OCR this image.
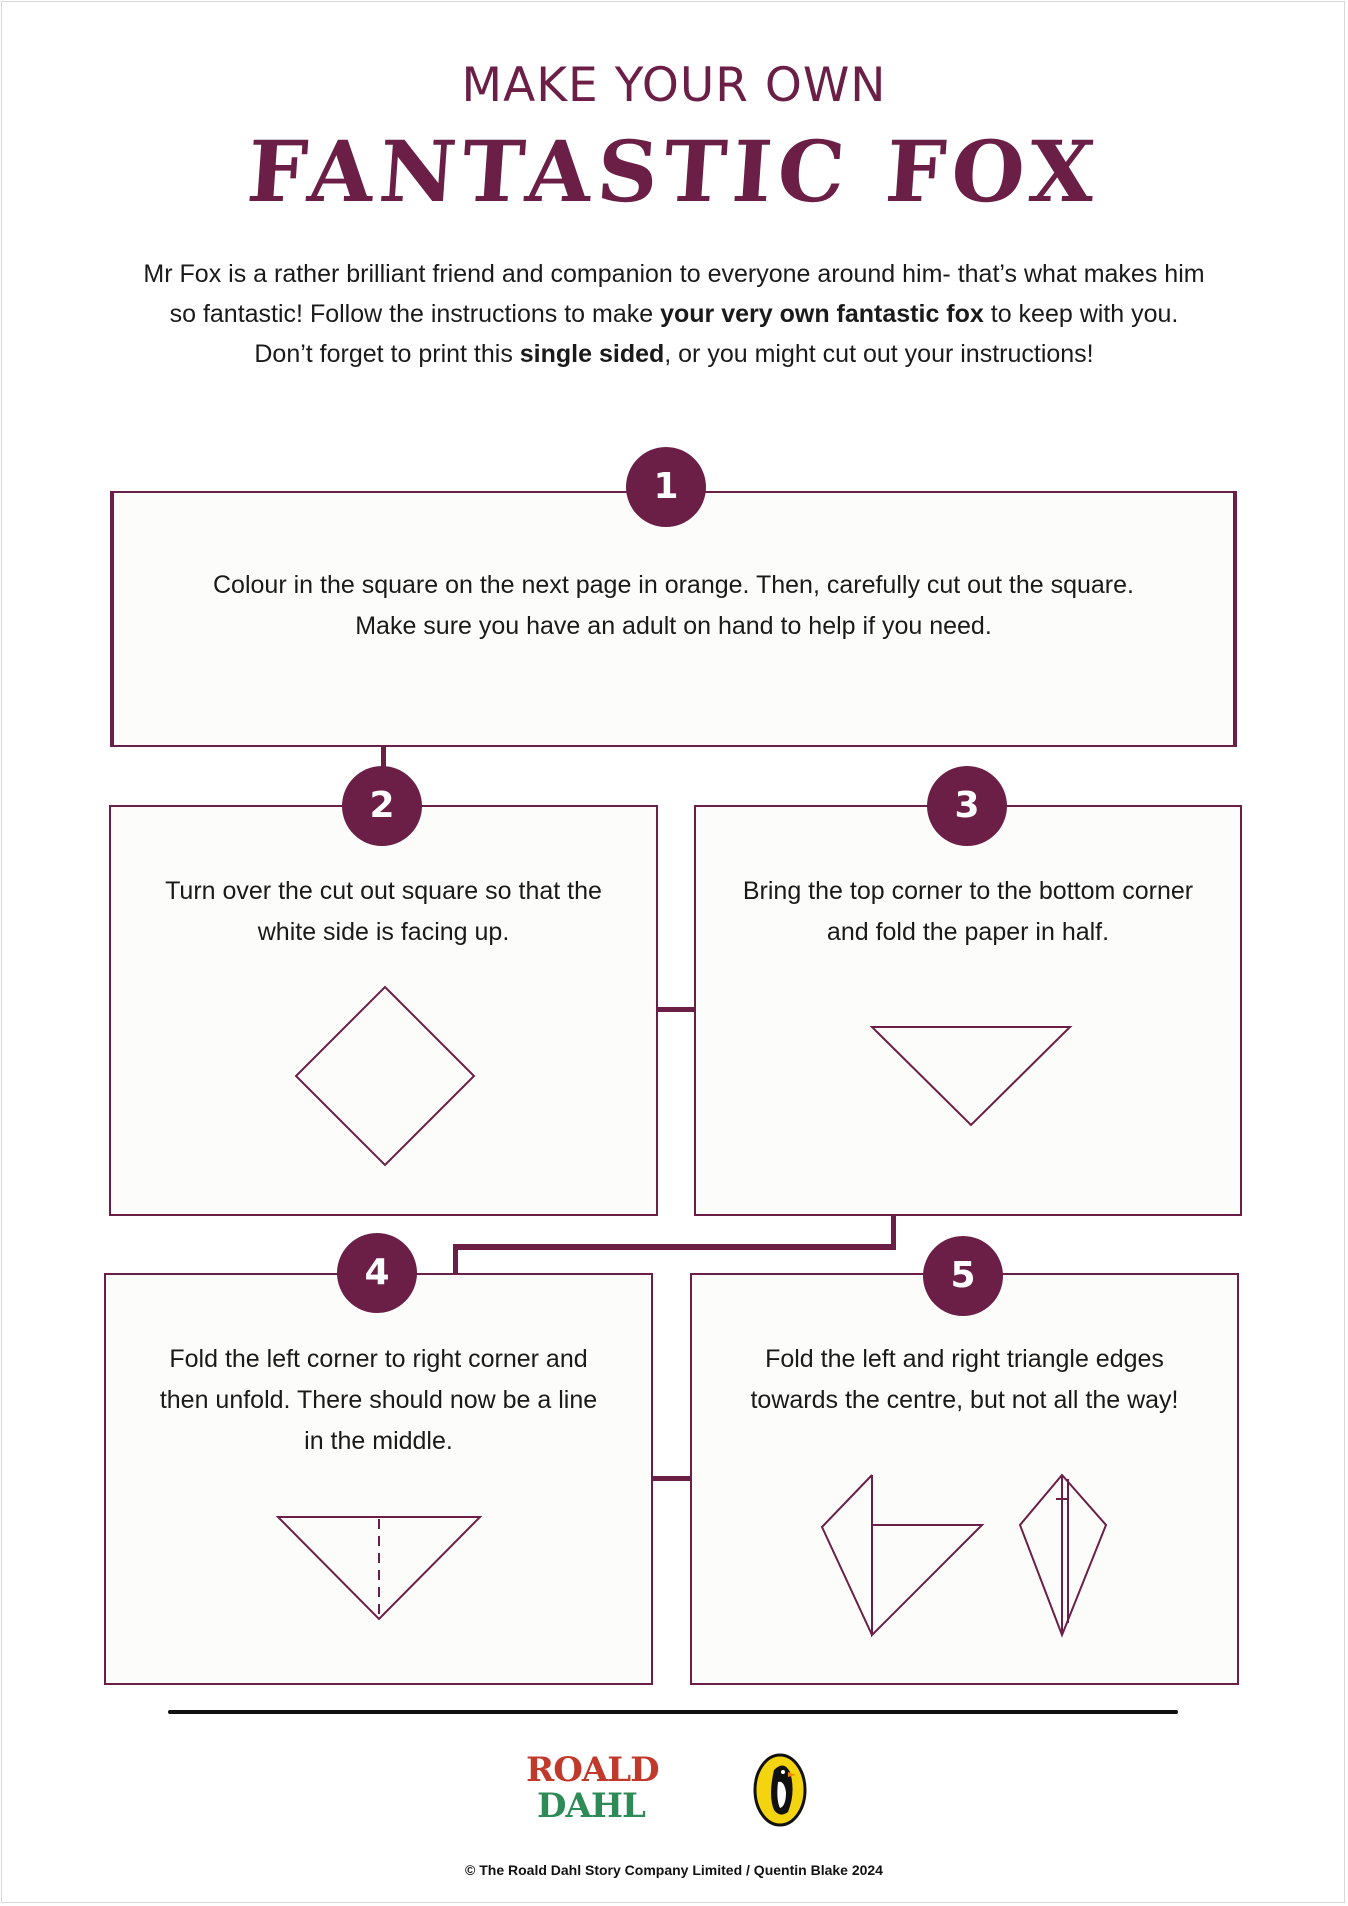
MAKE YOUR OWN
FANTASTIC FOX
Mr Fox is a rather brilliant friend and companion to everyone around him- that’s what makes him
so fantastic! Follow the instructions to make your very own fantastic fox to keep with you.
Don’t forget to print this single sided, or you might cut out your instructions!
Colour in the square on the next page in orange. Then, carefully cut out the square.
Make sure you have an adult on hand to help if you need.
1
Turn over the cut out square so that the
white side is facing up.
2
Bring the top corner to the bottom corner
and fold the paper in half.
3
Fold the left corner to right corner and
then unfold. There should now be a line
in the middle.
4
Fold the left and right triangle edges
towards the centre, but not all the way!
5
ROALD
DAHL
© The Roald Dahl Story Company Limited / Quentin Blake 2024
